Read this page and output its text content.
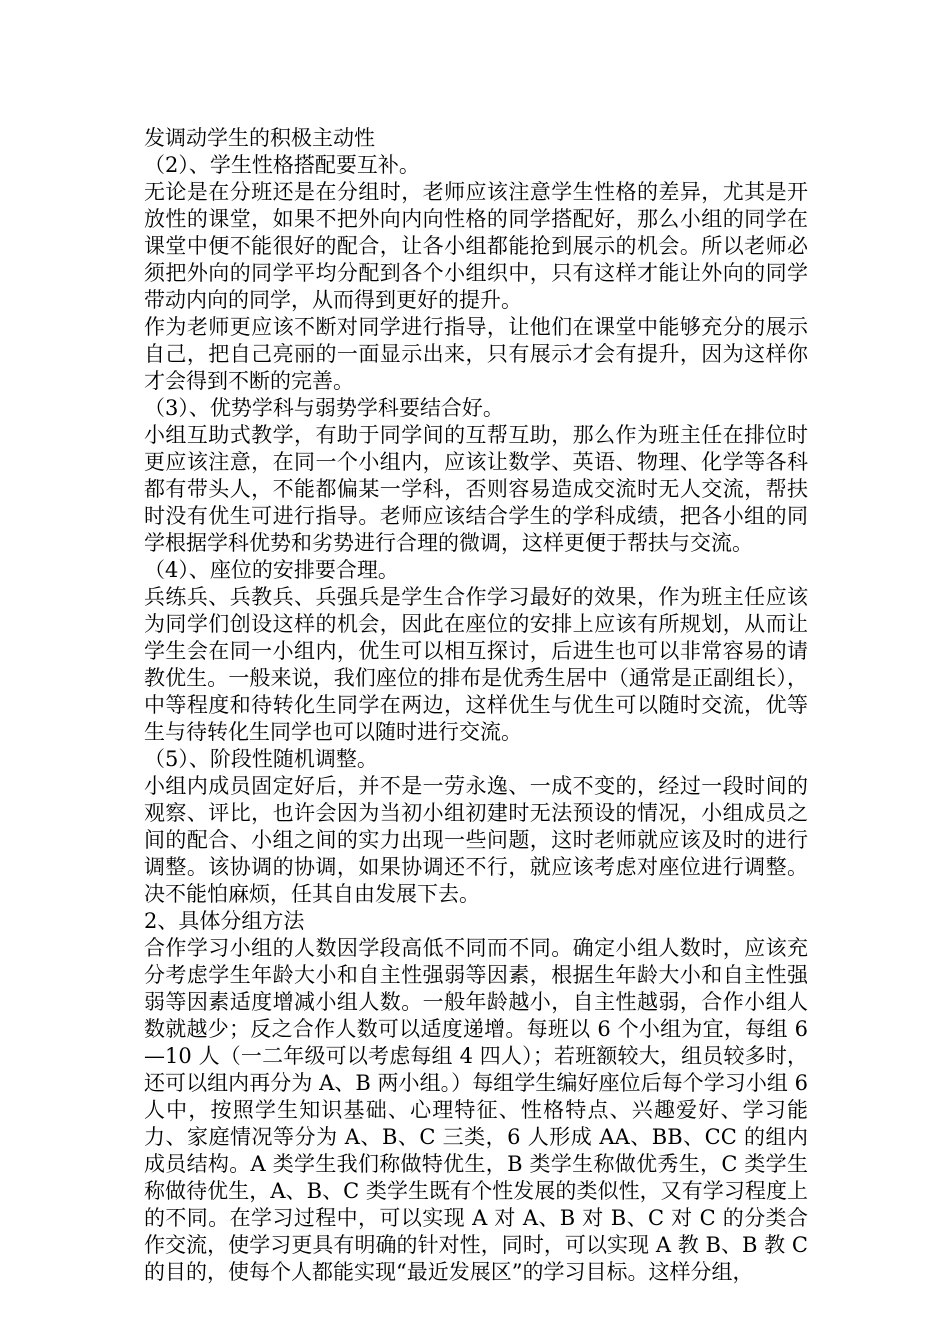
发调动学生的积极主动性

（2）、学生性格搭配要互补。

无论是在分班还是在分组时，老师应该注意学生性格的差异，尤其是开放性的课堂，如果不把外向内向性格的同学搭配好，那么小组的同学在课堂中便不能很好的配合，让各小组都能抢到展示的机会。所以老师必须把外向的同学平均分配到各个小组织中，只有这样才能让外向的同学带动内向的同学，从而得到更好的提升。

作为老师更应该不断对同学进行指导，让他们在课堂中能够充分的展示自己，把自己亮丽的一面显示出来，只有展示才会有提升，因为这样你才会得到不断的完善。

（3）、优势学科与弱势学科要结合好。

小组互助式教学，有助于同学间的互帮互助，那么作为班主任在排位时更应该注意，在同一个小组内，应该让数学、英语、物理、化学等各科都有带头人，不能都偏某一学科，否则容易造成交流时无人交流，帮扶时没有优生可进行指导。老师应该结合学生的学科成绩，把各小组的同学根据学科优势和劣势进行合理的微调，这样更便于帮扶与交流。

（4）、座位的安排要合理。

兵练兵、兵教兵、兵强兵是学生合作学习最好的效果，作为班主任应该为同学们创设这样的机会，因此在座位的安排上应该有所规划，从而让学生会在同一小组内，优生可以相互探讨，后进生也可以非常容易的请教优生。一般来说，我们座位的排布是优秀生居中（通常是正副组长），中等程度和待转化生同学在两边，这样优生与优生可以随时交流，优等生与待转化生同学也可以随时进行交流。

（5）、阶段性随机调整。

小组内成员固定好后，并不是一劳永逸、一成不变的，经过一段时间的观察、评比，也许会因为当初小组初建时无法预设的情况，小组成员之间的配合、小组之间的实力出现一些问题，这时老师就应该及时的进行调整。该协调的协调，如果协调还不行，就应该考虑对座位进行调整。决不能怕麻烦，任其自由发展下去。

2、具体分组方法

合作学习小组的人数因学段高低不同而不同。确定小组人数时，应该充分考虑学生年龄大小和自主性强弱等因素，根据生年龄大小和自主性强弱等因素适度增减小组人数。一般年龄越小，自主性越弱，合作小组人数就越少；反之合作人数可以适度递增。每班以 6 个小组为宜，每组 6—10 人（一二年级可以考虑每组 4 四人）；若班额较大，组员较多时，还可以组内再分为 A、B 两小组。）每组学生编好座位后每个学习小组 6 人中，按照学生知识基础、心理特征、性格特点、兴趣爱好、学习能力、家庭情况等分为 A、B、C 三类，6 人形成 AA、BB、CC 的组内成员结构。A 类学生我们称做特优生，B 类学生称做优秀生，C 类学生称做待优生，A、B、C 类学生既有个性发展的类似性，又有学习程度上的不同。在学习过程中，可以实现 A 对 A、B 对 B、C 对 C 的分类合作交流，使学习更具有明确的针对性，同时，可以实现 A 教 B、B 教 C 的目的，使每个人都能实现“最近发展区”的学习目标。这样分组，
